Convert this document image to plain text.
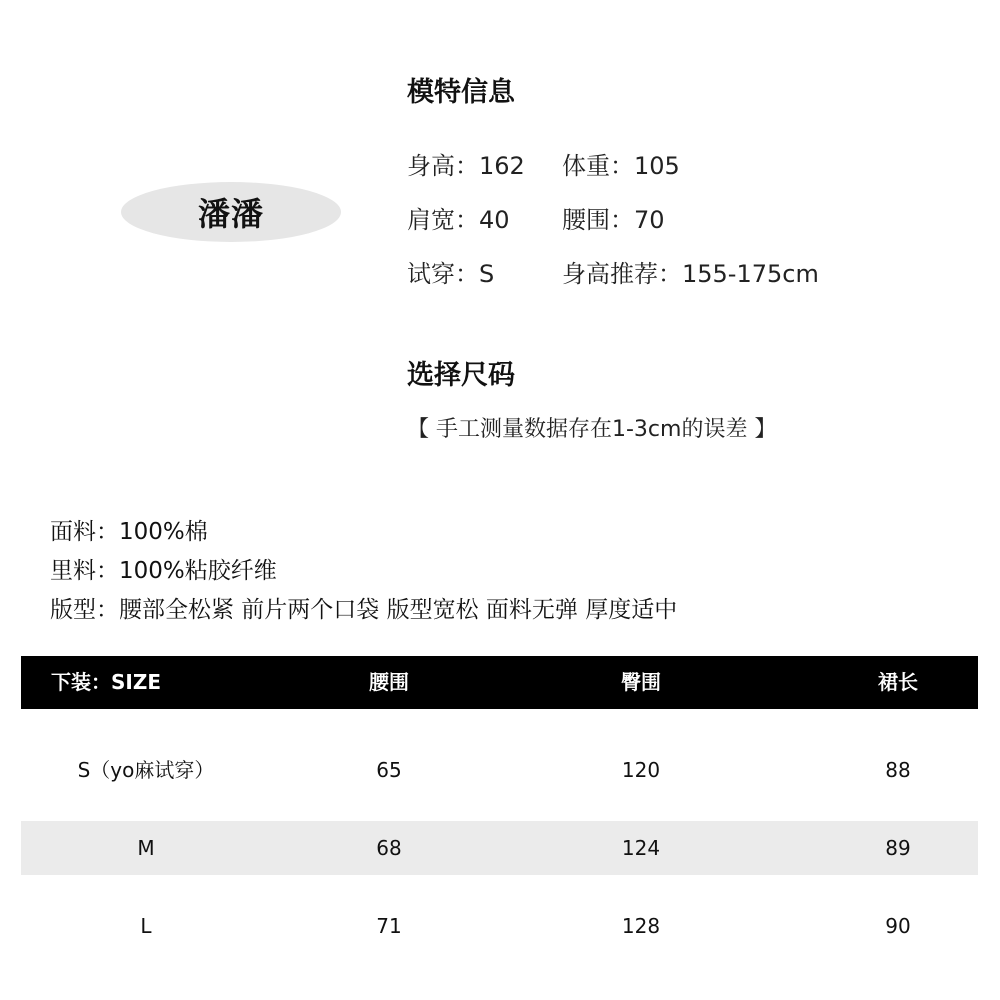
潘潘
模特信息
身高：162 体重：105
肩宽：40 腰围：70
试穿：S	身高推荐：155-175cm
选择尺码
【 手工测量数据存在1-3cm的误差 】
面料：100%棉
里料：100%粘胶纤维
版型：腰部全松紧 前片两个口袋 版型宽松 面料无弹 厚度适中
下装：SIZE	腰围	臀围	裙长
S（yo麻试穿）	65	120	88
M	68	124	89
L	71	128	90
